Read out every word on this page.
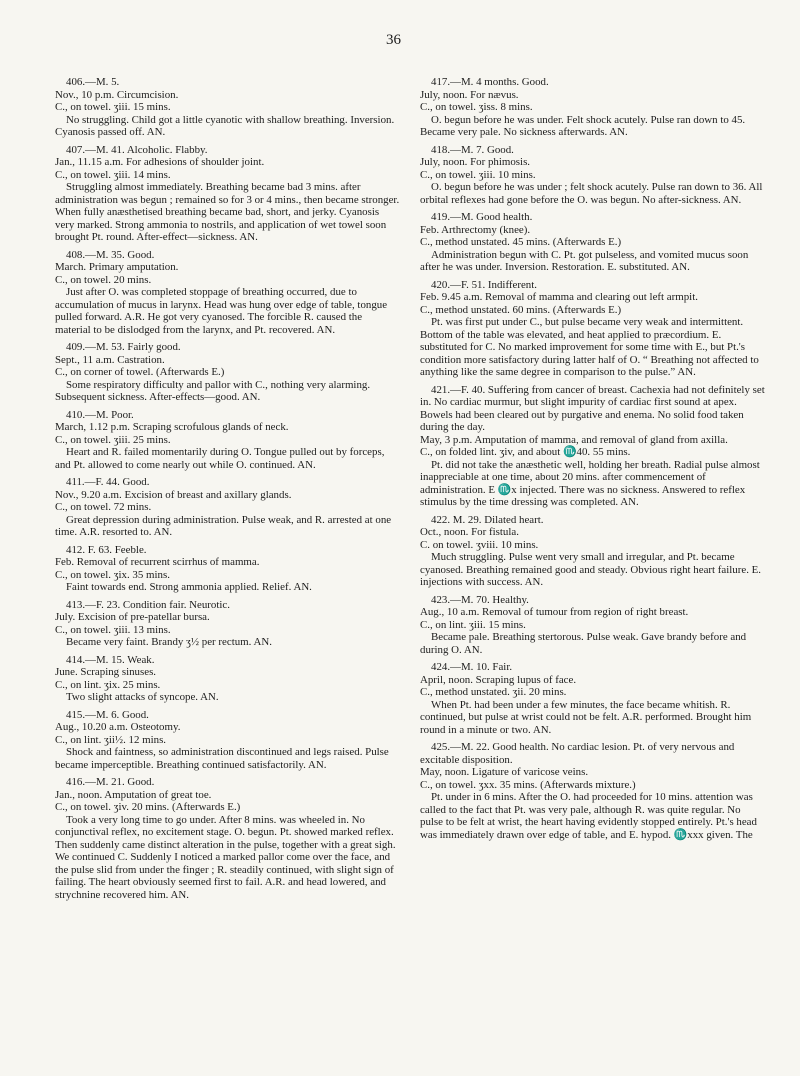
36

406.—M. 5.

Nov., 10 p.m. Circumcision.

C., on towel. ʒiii. 15 mins.

No struggling. Child got a little cyanotic with shallow breathing. Inversion. Cyanosis passed off. AN.

407.—M. 41. Alcoholic. Flabby.

Jan., 11.15 a.m. For adhesions of shoulder joint.

C., on towel. ʒiii. 14 mins.

Struggling almost immediately. Breathing became bad 3 mins. after administration was begun ; remained so for 3 or 4 mins., then became stronger. When fully anæsthetised breathing became bad, short, and jerky. Cyanosis very marked. Strong ammonia to nostrils, and application of wet towel soon brought Pt. round. After-effect—sickness. AN.

408.—M. 35. Good.

March. Primary amputation.

C., on towel. 20 mins.

Just after O. was completed stoppage of breathing occurred, due to accumulation of mucus in larynx. Head was hung over edge of table, tongue pulled forward. A.R. He got very cyanosed. The forcible R. caused the material to be dislodged from the larynx, and Pt. recovered. AN.

409.—M. 53. Fairly good.

Sept., 11 a.m. Castration.

C., on corner of towel. (Afterwards E.)

Some respiratory difficulty and pallor with C., nothing very alarming. Subsequent sickness. After-effects—good. AN.

410.—M. Poor.

March, 1.12 p.m. Scraping scrofulous glands of neck.

C., on towel. ʒiii. 25 mins.

Heart and R. failed momentarily during O. Tongue pulled out by forceps, and Pt. allowed to come nearly out while O. continued. AN.

411.—F. 44. Good.

Nov., 9.20 a.m. Excision of breast and axillary glands.

C., on towel. 72 mins.

Great depression during administration. Pulse weak, and R. arrested at one time. A.R. resorted to. AN.

412. F. 63. Feeble.

Feb. Removal of recurrent scirrhus of mamma.

C., on towel. ʒix. 35 mins.

Faint towards end. Strong ammonia applied. Relief. AN.

413.—F. 23. Condition fair. Neurotic.

July. Excision of pre-patellar bursa.

C., on towel. ʒiii. 13 mins.

Became very faint. Brandy ʒ½ per rectum. AN.

414.—M. 15. Weak.

June. Scraping sinuses.

C., on lint. ʒix. 25 mins.

Two slight attacks of syncope. AN.

415.—M. 6. Good.

Aug., 10.20 a.m. Osteotomy.

C., on lint. ʒii½. 12 mins.

Shock and faintness, so administration discontinued and legs raised. Pulse became imperceptible. Breathing continued satisfactorily. AN.

416.—M. 21. Good.

Jan., noon. Amputation of great toe.

C., on towel. ʒiv. 20 mins. (Afterwards E.)

Took a very long time to go under. After 8 mins. was wheeled in. No conjunctival reflex, no excitement stage. O. begun. Pt. showed marked reflex. Then suddenly came distinct alteration in the pulse, together with a great sigh. We continued C. Suddenly I noticed a marked pallor come over the face, and the pulse slid from under the finger ; R. steadily continued, with slight sign of failing. The heart obviously seemed first to fail. A.R. and head lowered, and strychnine recovered him. AN.

417.—M. 4 months. Good.

July, noon. For nævus.

C., on towel. ʒiss. 8 mins.

O. begun before he was under. Felt shock acutely. Pulse ran down to 45. Became very pale. No sickness afterwards. AN.

418.—M. 7. Good.

July, noon. For phimosis.

C., on towel. ʒiii. 10 mins.

O. begun before he was under ; felt shock acutely. Pulse ran down to 36. All orbital reflexes had gone before the O. was begun. No after-sickness. AN.

419.—M. Good health.

Feb. Arthrectomy (knee).

C., method unstated. 45 mins. (Afterwards E.)

Administration begun with C. Pt. got pulseless, and vomited mucus soon after he was under. Inversion. Restoration. E. substituted. AN.

420.—F. 51. Indifferent.

Feb. 9.45 a.m. Removal of mamma and clearing out left armpit.

C., method unstated. 60 mins. (Afterwards E.)

Pt. was first put under C., but pulse became very weak and intermittent. Bottom of the table was elevated, and heat applied to præcordium. E. substituted for C. No marked improvement for some time with E., but Pt.'s condition more satisfactory during latter half of O. “ Breathing not affected to anything like the same degree in comparison to the pulse.” AN.

421.—F. 40. Suffering from cancer of breast. Cachexia had not definitely set in. No cardiac murmur, but slight impurity of cardiac first sound at apex. Bowels had been cleared out by purgative and enema. No solid food taken during the day.

May, 3 p.m. Amputation of mamma, and removal of gland from axilla.

C., on folded lint. ʒiv, and about ♏40. 55 mins.

Pt. did not take the anæsthetic well, holding her breath. Radial pulse almost inappreciable at one time, about 20 mins. after commencement of administration. E ♏x injected. There was no sickness. Answered to reflex stimulus by the time dressing was completed. AN.

422. M. 29. Dilated heart.

Oct., noon. For fistula.

C. on towel. ʒviii. 10 mins.

Much struggling. Pulse went very small and irregular, and Pt. became cyanosed. Breathing remained good and steady. Obvious right heart failure. E. injections with success. AN.

423.—M. 70. Healthy.

Aug., 10 a.m. Removal of tumour from region of right breast.

C., on lint. ʒiii. 15 mins.

Became pale. Breathing stertorous. Pulse weak. Gave brandy before and during O. AN.

424.—M. 10. Fair.

April, noon. Scraping lupus of face.

C., method unstated. ʒii. 20 mins.

When Pt. had been under a few minutes, the face became whitish. R. continued, but pulse at wrist could not be felt. A.R. performed. Brought him round in a minute or two. AN.

425.—M. 22. Good health. No cardiac lesion. Pt. of very nervous and excitable disposition.

May, noon. Ligature of varicose veins.

C., on towel. ʒxx. 35 mins. (Afterwards mixture.)

Pt. under in 6 mins. After the O. had proceeded for 10 mins. attention was called to the fact that Pt. was very pale, although R. was quite regular. No pulse to be felt at wrist, the heart having evidently stopped entirely. Pt.'s head was immediately drawn over edge of table, and E. hypod. ♏xxx given. The
